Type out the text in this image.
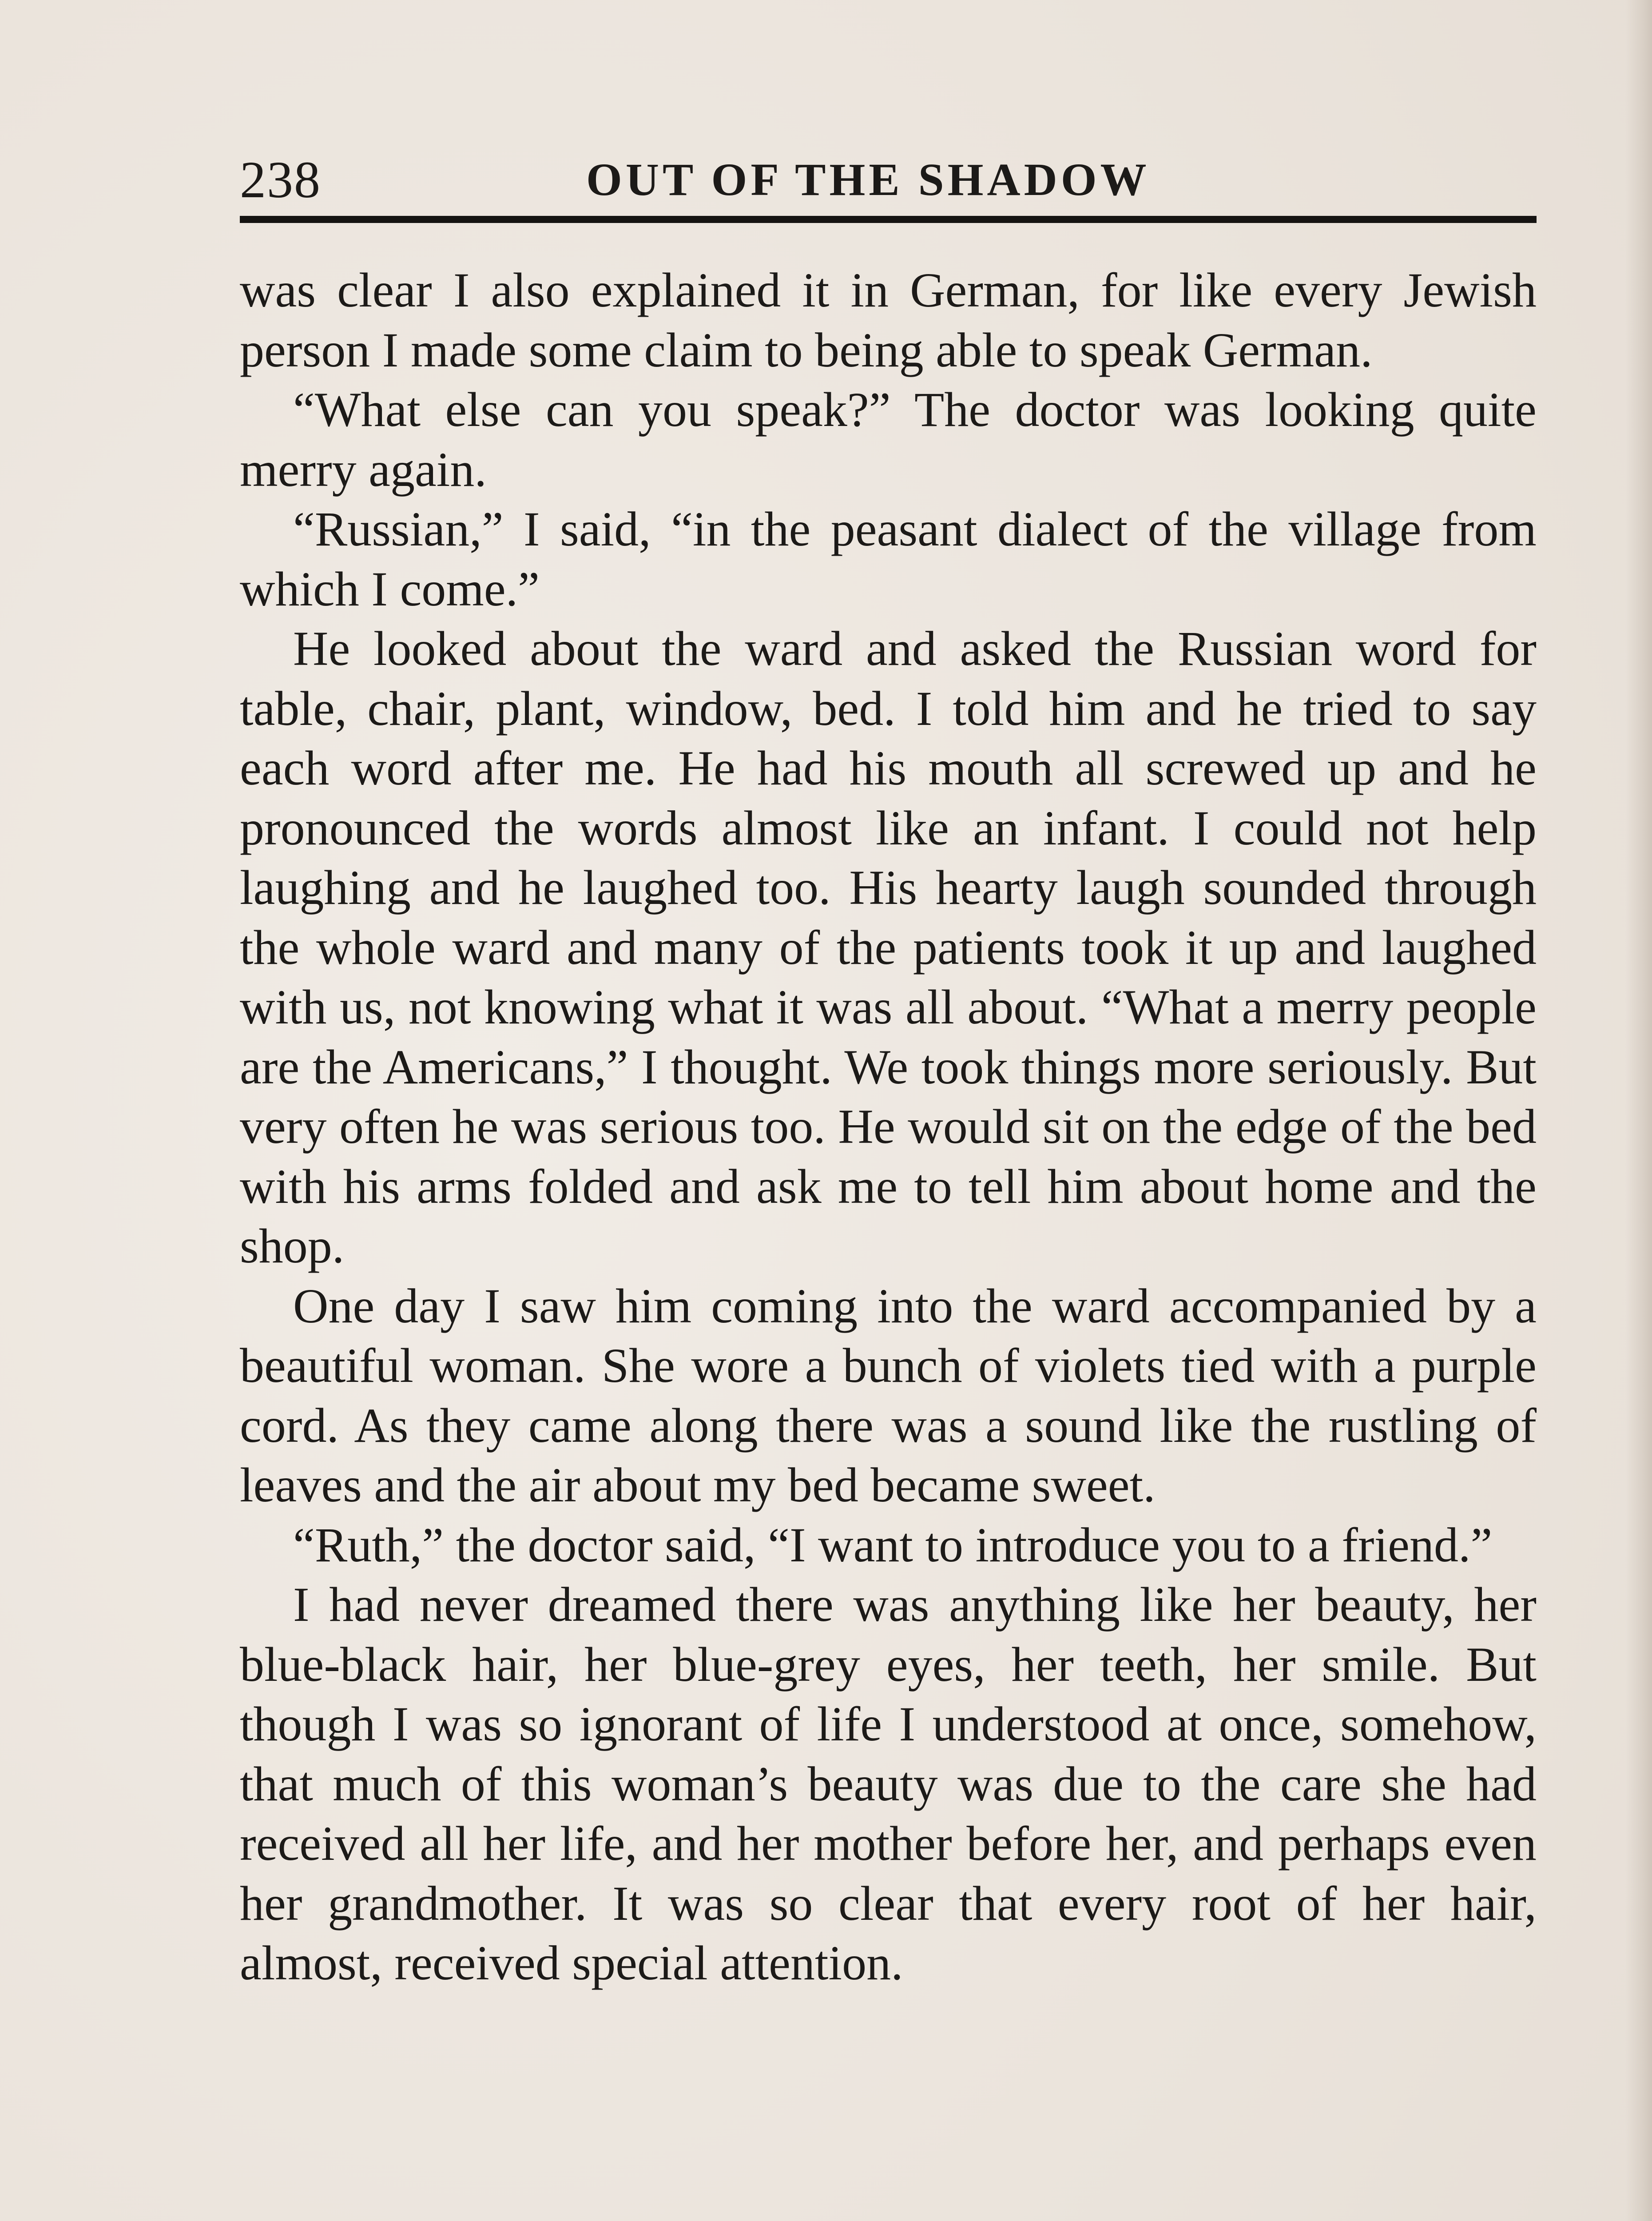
238	OUT OF THE SHADOW

was clear I also explained it in German, for like every Jewish person I made some claim to being able to speak German.

“What else can you speak?” The doctor was looking quite merry again.

“Russian,” I said, “in the peasant dialect of the village from which I come.”

He looked about the ward and asked the Russian word for table, chair, plant, window, bed. I told him and he tried to say each word after me. He had his mouth all screwed up and he pronounced the words almost like an infant. I could not help laughing and he laughed too. His hearty laugh sounded through the whole ward and many of the patients took it up and laughed with us, not knowing what it was all about. “What a merry people are the Americans,” I thought. We took things more seriously. But very often he was serious too. He would sit on the edge of the bed with his arms folded and ask me to tell him about home and the shop.

One day I saw him coming into the ward accompanied by a beautiful woman. She wore a bunch of violets tied with a purple cord. As they came along there was a sound like the rustling of leaves and the air about my bed became sweet.

“Ruth,” the doctor said, “I want to introduce you to a friend.”

I had never dreamed there was anything like her beauty, her blue-black hair, her blue-grey eyes, her teeth, her smile. But though I was so ignorant of life I understood at once, somehow, that much of this woman’s beauty was due to the care she had received all her life, and her mother before her, and perhaps even her grandmother. It was so clear that every root of her hair, almost, received special attention.
